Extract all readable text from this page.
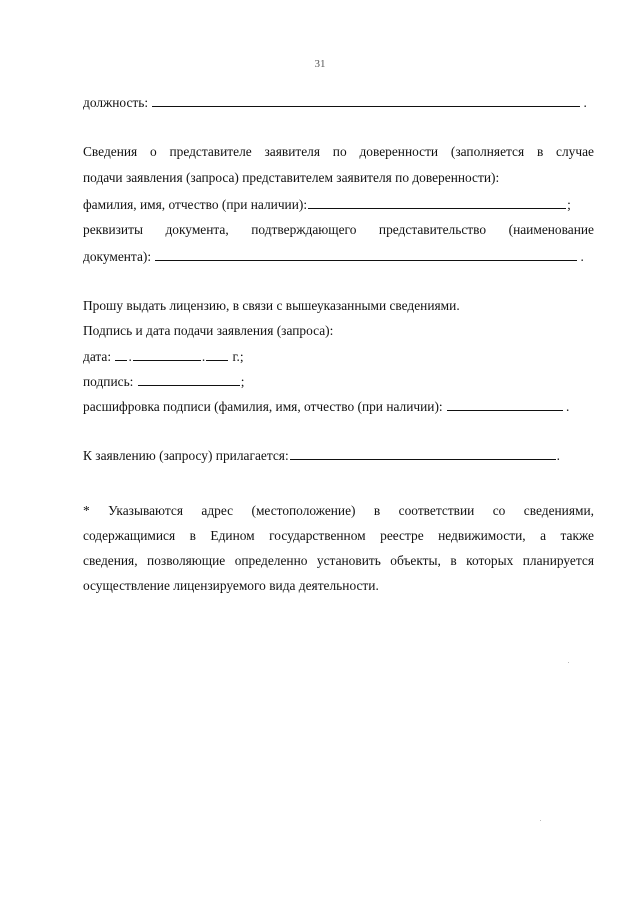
31
должность:	.
Сведения о представителе заявителя по доверенности (заполняется в случае
подачи заявления (запроса) представителем заявителя по доверенности):
фамилия, имя, отчество (при наличии):	;
реквизиты документа, подтверждающего представительство (наименование
документа):	.
Прошу выдать лицензию, в связи с вышеуказанными сведениями.
Подпись и дата подачи заявления (запроса):
дата: .	. г.;
подпись:	;
расшифровка подписи (фамилия, имя, отчество (при наличии):	.
К заявлению (запросу) прилагается:	.
* Указываются адрес (местоположение) в соответствии со сведениями,
содержащимися в Едином государственном реестре недвижимости, а также
сведения, позволяющие определенно установить объекты, в которых планируется
осуществление лицензируемого вида деятельности.
